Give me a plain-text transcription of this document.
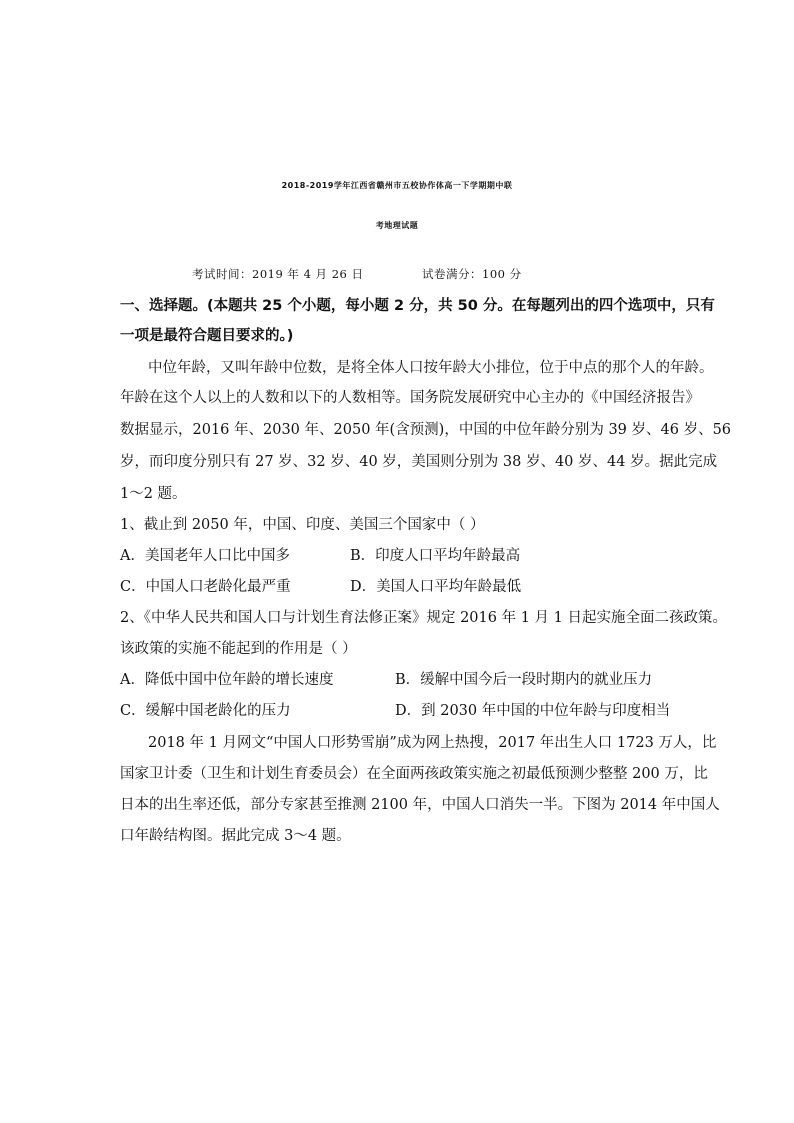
2018-2019学年江西省赣州市五校协作体高一下学期期中联
考地理试题
考试时间：2019 年 4 月 26 日	试卷满分：100 分
一、选择题。(本题共 25 个小题，每小题 2 分，共 50 分。在每题列出的四个选项中，只有
一项是最符合题目要求的。)
中位年龄，又叫年龄中位数，是将全体人口按年龄大小排位，位于中点的那个人的年龄。
年龄在这个人以上的人数和以下的人数相等。国务院发展研究中心主办的《中国经济报告》
数据显示，2016 年、2030 年、2050 年(含预测)，中国的中位年龄分别为 39 岁、46 岁、56
岁，而印度分别只有 27 岁、32 岁、40 岁，美国则分别为 38 岁、40 岁、44 岁。据此完成
1～2 题。
1、截止到 2050 年，中国、印度、美国三个国家中（ ）
A．美国老年人口比中国多	B．印度人口平均年龄最高
C．中国人口老龄化最严重	D．美国人口平均年龄最低
2、《中华人民共和国人口与计划生育法修正案》规定 2016 年 1 月 1 日起实施全面二孩政策。
该政策的实施不能起到的作用是（ ）
A．降低中国中位年龄的增长速度	B．缓解中国今后一段时期内的就业压力
C．缓解中国老龄化的压力	D．到 2030 年中国的中位年龄与印度相当
2018 年 1 月网文“中国人口形势雪崩”成为网上热搜，2017 年出生人口 1723 万人，比
国家卫计委（卫生和计划生育委员会）在全面两孩政策实施之初最低预测少整整 200 万，比
日本的出生率还低，部分专家甚至推测 2100 年，中国人口消失一半。下图为 2014 年中国人
口年龄结构图。据此完成 3～4 题。
